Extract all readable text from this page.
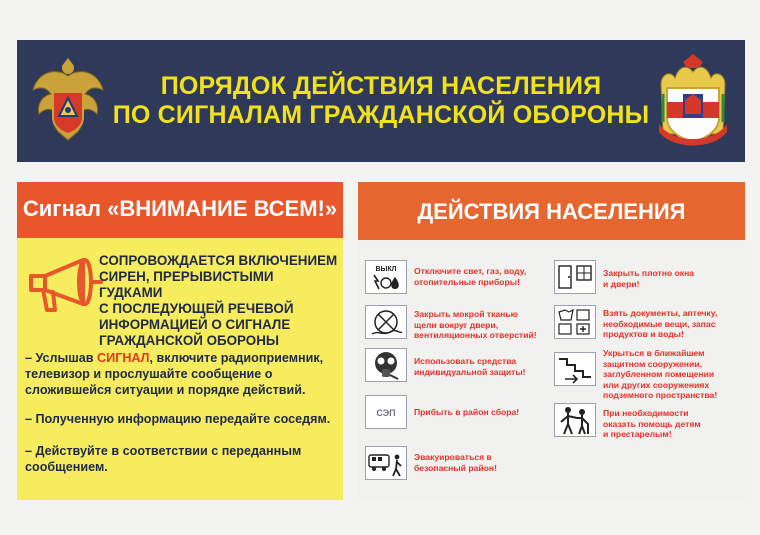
ПОРЯДОК ДЕЙСТВИЯ НАСЕЛЕНИЯ
ПО СИГНАЛАМ ГРАЖДАНСКОЙ ОБОРОНЫ
Сигнал «ВНИМАНИЕ ВСЕМ!»
СОПРОВОЖДАЕТСЯ ВКЛЮЧЕНИЕМ
СИРЕН, ПРЕРЫВИСТЫМИ ГУДКАМИ
С ПОСЛЕДУЮЩЕЙ РЕЧЕВОЙ
ИНФОРМАЦИЕЙ О СИГНАЛЕ
ГРАЖДАНСКОЙ ОБОРОНЫ
– Услышав СИГНАЛ, включите радиоприемник, телевизор и прослушайте сообщение о сложившейся ситуации и порядке действий.
– Полученную информацию передайте соседям.
– Действуйте в соответствии с переданным сообщением.
ДЕЙСТВИЯ НАСЕЛЕНИЯ
ВЫКЛ Отключите свет, газ, воду,
отопительные приборы!
Закрыть мокрой тканью
щели вокруг двери,
вентиляционных отверстий!
Использовать средства
индивидуальной защиты!
СЭП Прибыть в район сбора!
Эвакуироваться в
безопасный район!
Закрыть плотно окна
и двери!
Взять документы, аптечку,
необходимые вещи, запас
продуктов и воды!
Укрыться в ближайшем
защитном сооружении,
заглубленном помещении
или других сооружениях
подземного пространства!
При необходимости
оказать помощь детям
и престарелым!
